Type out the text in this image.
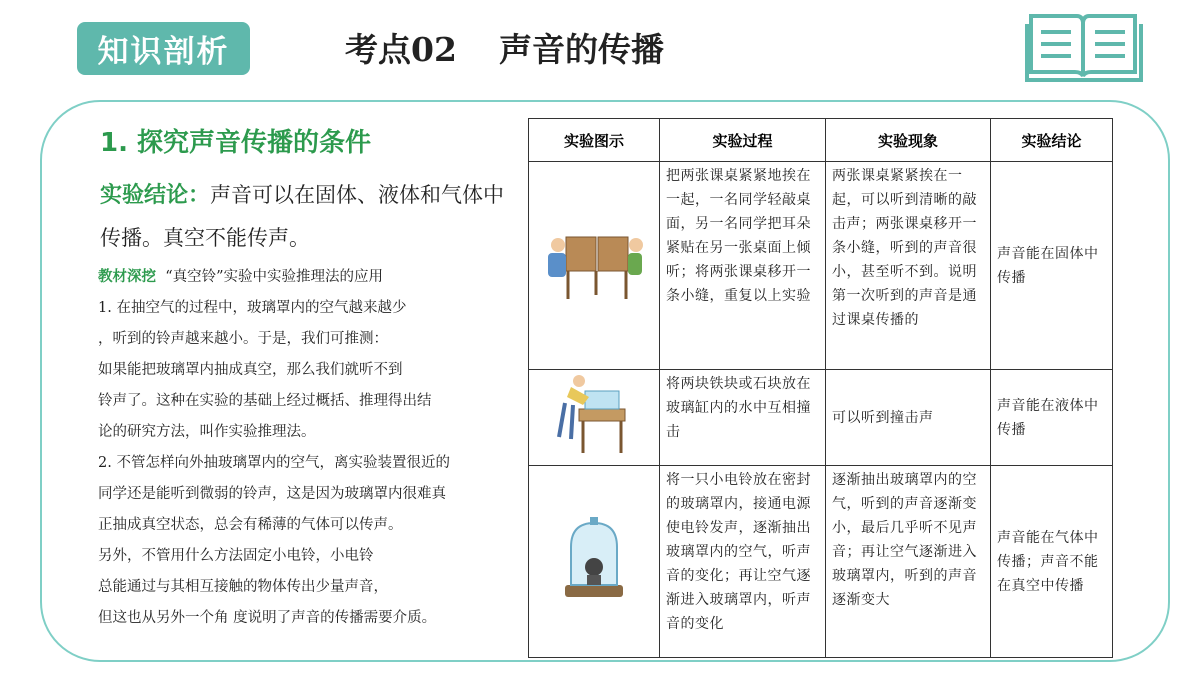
知识剖析	考点02 声音的传播
1. 探究声音传播的条件
实验结论：声音可以在固体、液体和气体中传播。真空不能传声。

教材深挖 “真空铃”实验中实验推理法的应用

1. 在抽空气的过程中，玻璃罩内的空气越来越少

，听到的铃声越来越小。于是，我们可推测：

如果能把玻璃罩内抽成真空，那么我们就听不到

铃声了。这种在实验的基础上经过概括、推理得出结

论的研究方法，叫作实验推理法。

2. 不管怎样向外抽玻璃罩内的空气，离实验装置很近的

同学还是能听到微弱的铃声，这是因为玻璃罩内很难真

正抽成真空状态，总会有稀薄的气体可以传声。

另外，不管用什么方法固定小电铃，小电铃

总能通过与其相互接触的物体传出少量声音，

但这也从另外一个角 度说明了声音的传播需要介质。

实验图示	实验过程	实验现象	实验结论
	把两张课桌紧紧地挨在一起，一名同学轻敲桌面，另一名同学把耳朵紧贴在另一张桌面上倾听；将两张课桌移开一条小缝，重复以上实验	两张课桌紧紧挨在一起，可以听到清晰的敲击声；两张课桌移开一条小缝，听到的声音很小，甚至听不到。说明第一次听到的声音是通过课桌传播的	声音能在固体中传播
	将两块铁块或石块放在玻璃缸内的水中互相撞击	可以听到撞击声	声音能在液体中传播
	将一只小电铃放在密封的玻璃罩内，接通电源使电铃发声，逐渐抽出玻璃罩内的空气，听声音的变化；再让空气逐渐进入玻璃罩内，听声音的变化	逐渐抽出玻璃罩内的空气，听到的声音逐渐变小，最后几乎听不见声音；再让空气逐渐进入玻璃罩内，听到的声音逐渐变大	声音能在气体中传播；声音不能在真空中传播
